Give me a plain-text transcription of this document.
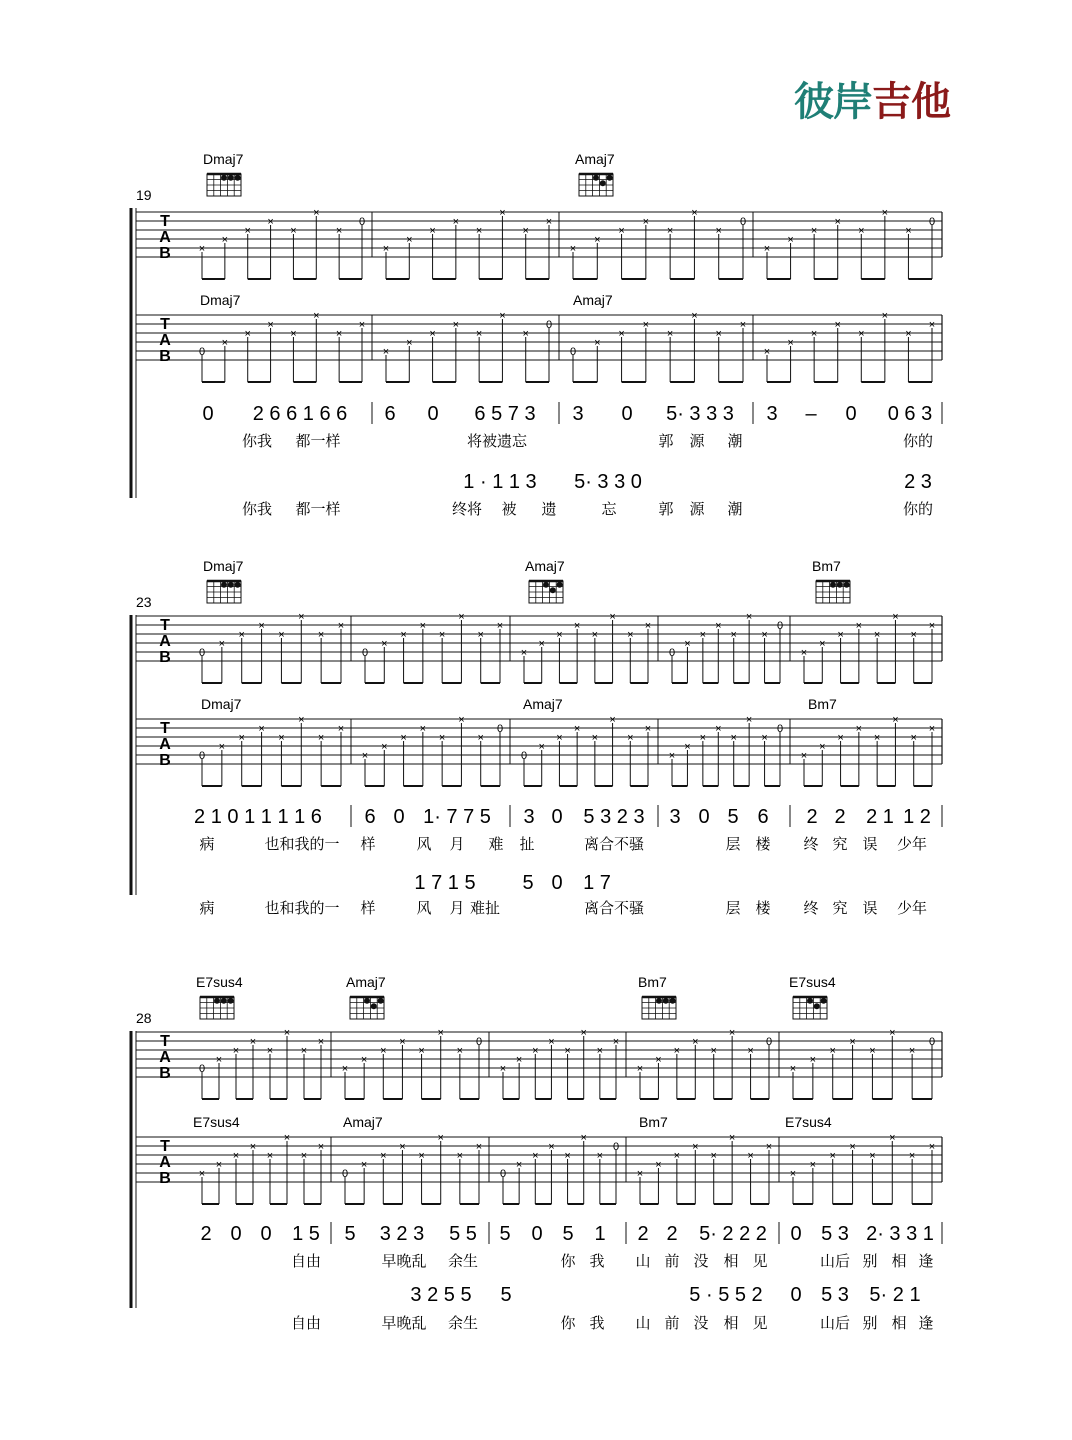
彼岸吉他
19
Dmaj7	Amaj7
T
A
B	×
×
×
×
×
×
×
0
×
×
×
×
×
×
×
×
×
×
×
×
×
×
×
0
×
×
×
×
×
×
×
0
Dmaj7	Amaj7
T
A
B	0
×
×
×
×
×
×
×
×
×
×
×
×
×
×
0
0
×
×
×
×
×
×
×
×
×
×
×
×
×
×
×
0 2 6 6 1 6 6 6 0 6 5 7 3 3 0 5· 3 3 3 3 – 0 0 6 3
你我 都一样	将被遗忘	郭 源 潮	你的
1 · 1 1 3 5· 3 3 0	2 3
你我 都一样	终将 被 遗	忘	郭 源 潮	你的
23
Dmaj7	Amaj7	Bm7
T
A
B	0
×
×
×
×
×
×
×
0
×
×
×
×
×
×
×
×
×
×
×
×
×
×
×
0
×
×
×
×
×
×
0
×
×
×
×
×
×
×
×
Dmaj7	Amaj7	Bm7
T
A
B	0
×
×
×
×
×
×
×
×
×
×
×
×
×
×
0
0
×
×
×
×
×
×
×
×
×
×
×
×
×
×
0
×
×
×
×
×
×
×
×
2 1 0 1 1 1 1 6 6 0 1· 7 7 5 3 0 5 3 2 3 3 0 5 6 2 2 2 1 1 2
病	也和我的一 样	风 月 难 扯	离合不骚	层 楼 终 究 误 少年
1 7 1 5 5 0 1 7
病	也和我的一 样	风 月 难扯	离合不骚	层 楼 终 究 误 少年
28
E7sus4	Amaj7	Bm7	E7sus4
T
A
B	0
×
×
×
×
×
×
×
×
×
×
×
×
×
×
0
×
×
×
×
×
×
×
×
×
×
×
×
×
×
×
0
×
×
×
×
×
×
×
0
E7sus4	Amaj7	Bm7	E7sus4
T
A
B	×
×
×
×
×
×
×
×
0
×
×
×
×
×
×
×
0
×
×
×
×
×
×
0
×
×
×
×
×
×
×
×
×
×
×
×
×
×
×
×
2 0 0 1 5 5 3 2 3 5 5 5 0 5 1 2 2 5· 2 2 2 0 5 3 2· 3 3 1
自由	早晚乱 余生	你 我 山 前 没 相 见	山后 别 相 逢
3 2 5 5 5	5 · 5 5 2 0 5 3 5· 2 1
自由	早晚乱 余生	你 我 山 前 没 相 见	山后 别 相 逢
